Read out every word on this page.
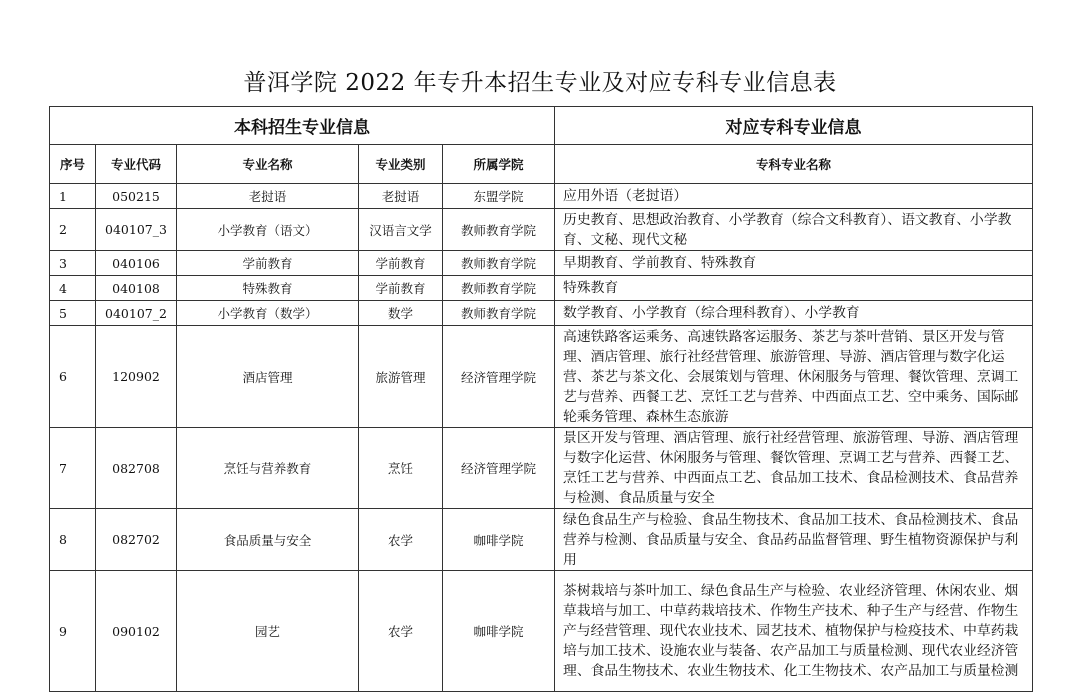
普洱学院 2022 年专升本招生专业及对应专科专业信息表
本科招生专业信息					对应专科专业信息
序号	专业代码	专业名称	专业类别	所属学院	专科专业名称
1	050215	老挝语	老挝语	东盟学院	应用外语（老挝语）
2	040107_3	小学教育（语文）	汉语言文学	教师教育学院	历史教育、思想政治教育、小学教育（综合文科教育）、语文教育、小学教育、文秘、现代文秘
3	040106	学前教育	学前教育	教师教育学院	早期教育、学前教育、特殊教育
4	040108	特殊教育	学前教育	教师教育学院	特殊教育
5	040107_2	小学教育（数学）	数学	教师教育学院	数学教育、小学教育（综合理科教育）、小学教育
6	120902	酒店管理	旅游管理	经济管理学院	高速铁路客运乘务、高速铁路客运服务、茶艺与茶叶营销、景区开发与管理、酒店管理、旅行社经营管理、旅游管理、导游、酒店管理与数字化运营、茶艺与茶文化、会展策划与管理、休闲服务与管理、餐饮管理、烹调工艺与营养、西餐工艺、烹饪工艺与营养、中西面点工艺、空中乘务、国际邮轮乘务管理、森林生态旅游
7	082708	烹饪与营养教育	烹饪	经济管理学院	景区开发与管理、酒店管理、旅行社经营管理、旅游管理、导游、酒店管理与数字化运营、休闲服务与管理、餐饮管理、烹调工艺与营养、西餐工艺、烹饪工艺与营养、中西面点工艺、食品加工技术、食品检测技术、食品营养与检测、食品质量与安全
8	082702	食品质量与安全	农学	咖啡学院	绿色食品生产与检验、食品生物技术、食品加工技术、食品检测技术、食品营养与检测、食品质量与安全、食品药品监督管理、野生植物资源保护与利用
9	090102	园艺	农学	咖啡学院	茶树栽培与茶叶加工、绿色食品生产与检验、农业经济管理、休闲农业、烟草栽培与加工、中草药栽培技术、作物生产技术、种子生产与经营、作物生产与经营管理、现代农业技术、园艺技术、植物保护与检疫技术、中草药栽培与加工技术、设施农业与装备、农产品加工与质量检测、现代农业经济管理、食品生物技术、农业生物技术、化工生物技术、农产品加工与质量检测
